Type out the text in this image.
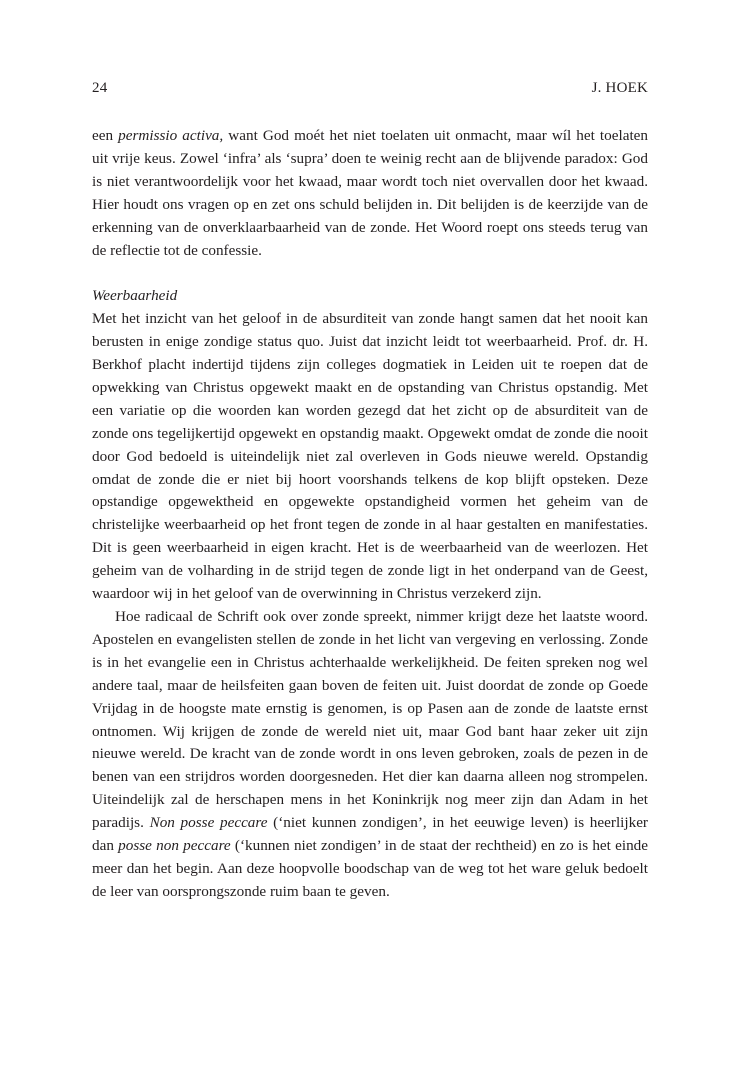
24	J. HOEK

een permissio activa, want God moét het niet toelaten uit onmacht, maar wíl het toelaten uit vrije keus. Zowel ‘infra’ als ‘supra’ doen te weinig recht aan de blijvende paradox: God is niet verantwoordelijk voor het kwaad, maar wordt toch niet overvallen door het kwaad. Hier houdt ons vragen op en zet ons schuld belijden in. Dit belijden is de keerzijde van de erkenning van de onverklaarbaarheid van de zonde. Het Woord roept ons steeds terug van de reflectie tot de confessie.

Weerbaarheid

Met het inzicht van het geloof in de absurditeit van zonde hangt samen dat het nooit kan berusten in enige zondige status quo. Juist dat inzicht leidt tot weerbaarheid. Prof. dr. H. Berkhof placht indertijd tijdens zijn colleges dogmatiek in Leiden uit te roepen dat de opwekking van Christus opgewekt maakt en de opstanding van Christus opstandig. Met een variatie op die woorden kan worden gezegd dat het zicht op de absurditeit van de zonde ons tegelijkertijd opgewekt en opstandig maakt. Opgewekt omdat de zonde die nooit door God bedoeld is uiteindelijk niet zal overleven in Gods nieuwe wereld. Opstandig omdat de zonde die er niet bij hoort voorshands telkens de kop blijft opsteken. Deze opstandige opgewektheid en opgewekte opstandigheid vormen het geheim van de christelijke weerbaarheid op het front tegen de zonde in al haar gestalten en manifestaties. Dit is geen weerbaarheid in eigen kracht. Het is de weerbaarheid van de weerlozen. Het geheim van de volharding in de strijd tegen de zonde ligt in het onderpand van de Geest, waardoor wij in het geloof van de overwinning in Christus verzekerd zijn.

Hoe radicaal de Schrift ook over zonde spreekt, nimmer krijgt deze het laatste woord. Apostelen en evangelisten stellen de zonde in het licht van vergeving en verlossing. Zonde is in het evangelie een in Christus achterhaalde werkelijkheid. De feiten spreken nog wel andere taal, maar de heilsfeiten gaan boven de feiten uit. Juist doordat de zonde op Goede Vrijdag in de hoogste mate ernstig is genomen, is op Pasen aan de zonde de laatste ernst ontnomen. Wij krijgen de zonde de wereld niet uit, maar God bant haar zeker uit zijn nieuwe wereld. De kracht van de zonde wordt in ons leven gebroken, zoals de pezen in de benen van een strijdros worden doorgesneden. Het dier kan daarna alleen nog strompelen. Uiteindelijk zal de herschapen mens in het Koninkrijk nog meer zijn dan Adam in het paradijs. Non posse peccare (‘niet kunnen zondigen’, in het eeuwige leven) is heerlijker dan posse non peccare (‘kunnen niet zondigen’ in de staat der rechtheid) en zo is het einde meer dan het begin. Aan deze hoopvolle boodschap van de weg tot het ware geluk bedoelt de leer van oorsprongszonde ruim baan te geven.
